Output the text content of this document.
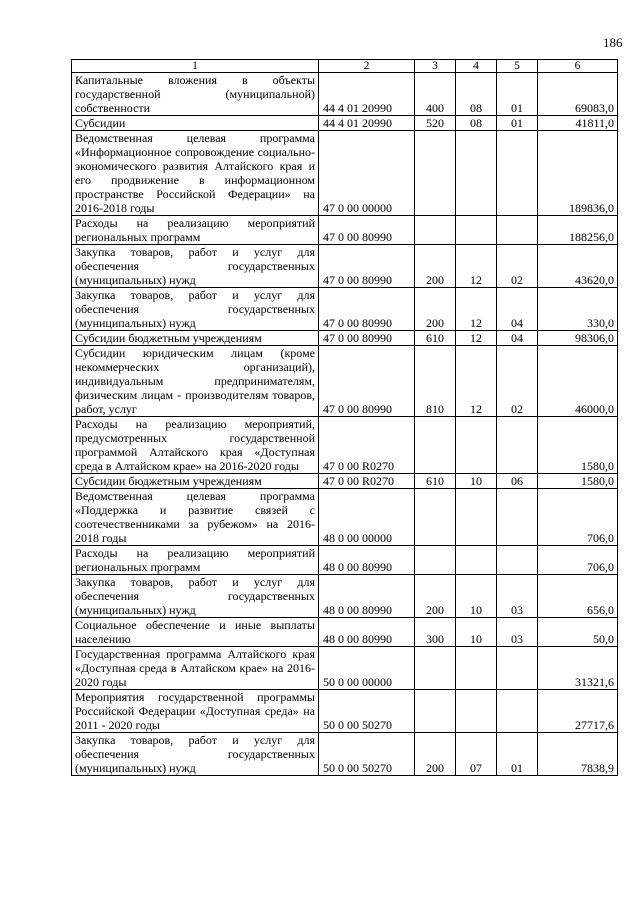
186
1	2	3	4	5	6
Капитальные вложения в объекты государственной (муниципальной) собственности	44 4 01 20990	400	08	01	69083,0
Субсидии	44 4 01 20990	520	08	01	41811,0
Ведомственная целевая программа «Информационное сопровождение социально-экономического развития Алтайского края и его продвижение в информационном пространстве Российской Федерации» на 2016-2018 годы	47 0 00 00000				189836,0
Расходы на реализацию мероприятий региональных программ	47 0 00 80990				188256,0
Закупка товаров, работ и услуг для обеспечения государственных (муниципальных) нужд	47 0 00 80990	200	12	02	43620,0
Закупка товаров, работ и услуг для обеспечения государственных (муниципальных) нужд	47 0 00 80990	200	12	04	330,0
Субсидии бюджетным учреждениям	47 0 00 80990	610	12	04	98306,0
Субсидии юридическим лицам (кроме некоммерческих организаций), индивидуальным предпринимателям, физическим лицам - производителям товаров, работ, услуг	47 0 00 80990	810	12	02	46000,0
Расходы на реализацию мероприятий, предусмотренных государственной программой Алтайского края «Доступная среда в Алтайском крае» на 2016-2020 годы	47 0 00 R0270				1580,0
Субсидии бюджетным учреждениям	47 0 00 R0270	610	10	06	1580,0
Ведомственная целевая программа «Поддержка и развитие связей с соотечественниками за рубежом» на 2016-2018 годы	48 0 00 00000				706,0
Расходы на реализацию мероприятий региональных программ	48 0 00 80990				706,0
Закупка товаров, работ и услуг для обеспечения государственных (муниципальных) нужд	48 0 00 80990	200	10	03	656,0
Социальное обеспечение и иные выплаты населению	48 0 00 80990	300	10	03	50,0
Государственная программа Алтайского края «Доступная среда в Алтайском крае» на 2016-2020 годы	50 0 00 00000				31321,6
Мероприятия государственной программы Российской Федерации «Доступная среда» на 2011 - 2020 годы	50 0 00 50270				27717,6
Закупка товаров, работ и услуг для обеспечения государственных (муниципальных) нужд	50 0 00 50270	200	07	01	7838,9
